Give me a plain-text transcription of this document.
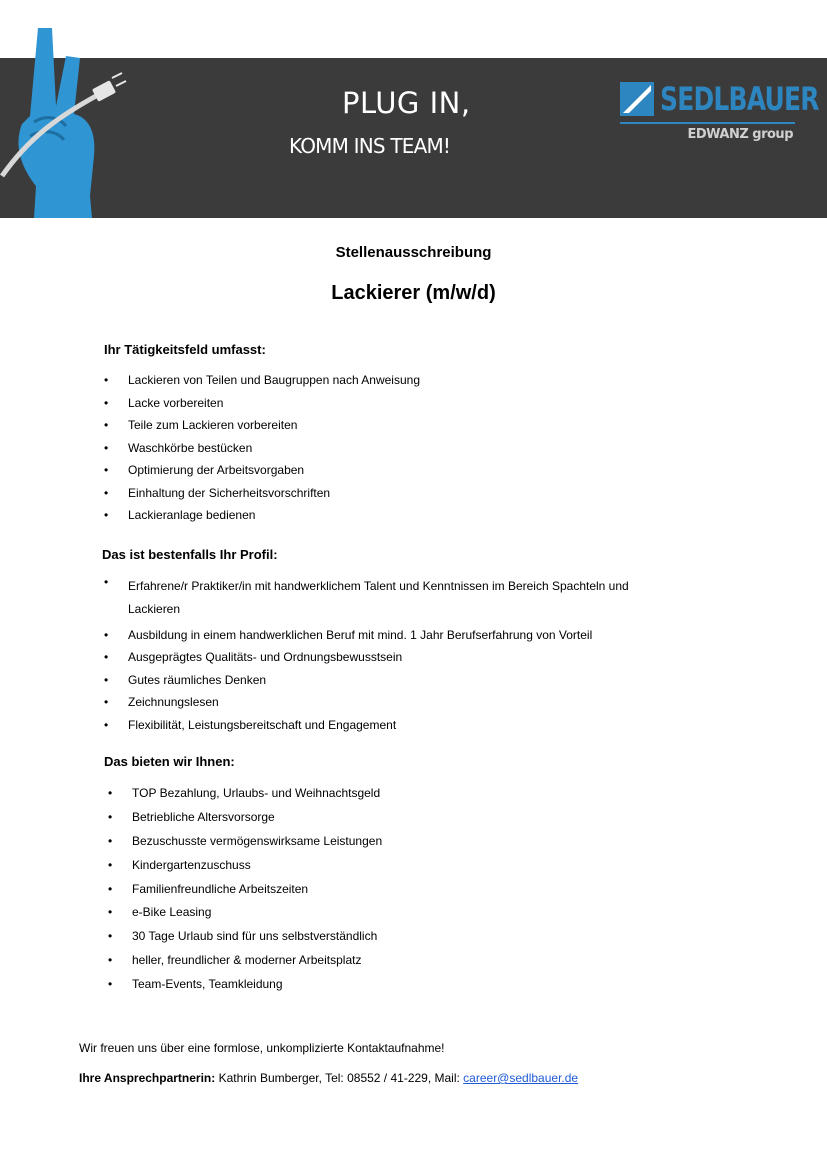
PLUG IN,
KOMM INS TEAM!
SEDLBAUER
EDWANZ group
Stellenausschreibung
Lackierer (m/w/d)
Ihr Tätigkeitsfeld umfasst:
• Lackieren von Teilen und Baugruppen nach Anweisung
• Lacke vorbereiten
• Teile zum Lackieren vorbereiten
• Waschkörbe bestücken
• Optimierung der Arbeitsvorgaben
• Einhaltung der Sicherheitsvorschriften
• Lackieranlage bedienen
Das ist bestenfalls Ihr Profil:
• Erfahrene/r Praktiker/in mit handwerklichem Talent und Kenntnissen im Bereich Spachteln und Lackieren
• Ausbildung in einem handwerklichen Beruf mit mind. 1 Jahr Berufserfahrung von Vorteil
• Ausgeprägtes Qualitäts- und Ordnungsbewusstsein
• Gutes räumliches Denken
• Zeichnungslesen
• Flexibilität, Leistungsbereitschaft und Engagement
Das bieten wir Ihnen:
• TOP Bezahlung, Urlaubs- und Weihnachtsgeld
• Betriebliche Altersvorsorge
• Bezuschusste vermögenswirksame Leistungen
• Kindergartenzuschuss
• Familienfreundliche Arbeitszeiten
• e-Bike Leasing
• 30 Tage Urlaub sind für uns selbstverständlich
• heller, freundlicher & moderner Arbeitsplatz
• Team-Events, Teamkleidung
Wir freuen uns über eine formlose, unkomplizierte Kontaktaufnahme!
Ihre Ansprechpartnerin: Kathrin Bumberger, Tel: 08552 / 41-229, Mail: career@sedlbauer.de
